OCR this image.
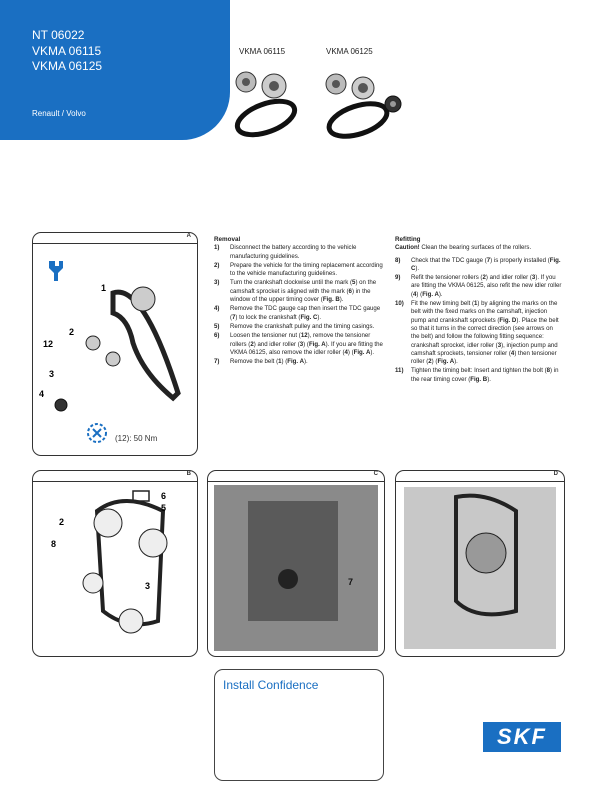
NT 06022
VKMA 06115
VKMA 06125
Renault / Volvo
VKMA 06115	VKMA 06125
A
1
2
12
3
4
(12): 50 Nm
Removal
1) Disconnect the battery according to the vehicle manufacturing guidelines.
2) Prepare the vehicle for the timing replacement according to the vehicle manufacturing guidelines.
3) Turn the crankshaft clockwise until the mark (5) on the camshaft sprocket is aligned with the mark (6) in the window of the upper timing cover (Fig. B).
4) Remove the TDC gauge cap then insert the TDC gauge (7) to lock the crankshaft (Fig. C).
5) Remove the crankshaft pulley and the timing casings.
6) Loosen the tensioner nut (12), remove the tensioner rollers (2) and idler roller (3) (Fig. A). If you are fitting the VKMA 06125, also remove the idler roller (4) (Fig. A).
7) Remove the belt (1) (Fig. A).
Refitting
Caution! Clean the bearing surfaces of the rollers.
8) Check that the TDC gauge (7) is properly installed (Fig. C).
9) Refit the tensioner rollers (2) and idler roller (3). If you are fitting the VKMA 06125, also refit the new idler roller (4) (Fig. A).
10) Fit the new timing belt (1) by aligning the marks on the belt with the fixed marks on the camshaft, injection pump and crankshaft sprockets (Fig. D). Place the belt so that it turns in the correct direction (see arrows on the belt) and follow the following fitting sequence: crankshaft sprocket, idler roller (3), injection pump and camshaft sprockets, tensioner roller (4) then tensioner roller (2) (Fig. A).
11) Tighten the timing belt: Insert and tighten the bolt (8) in the rear timing cover (Fig. B).
B
6
5
2
8
3
C
7
D
Install Confidence
SKF
